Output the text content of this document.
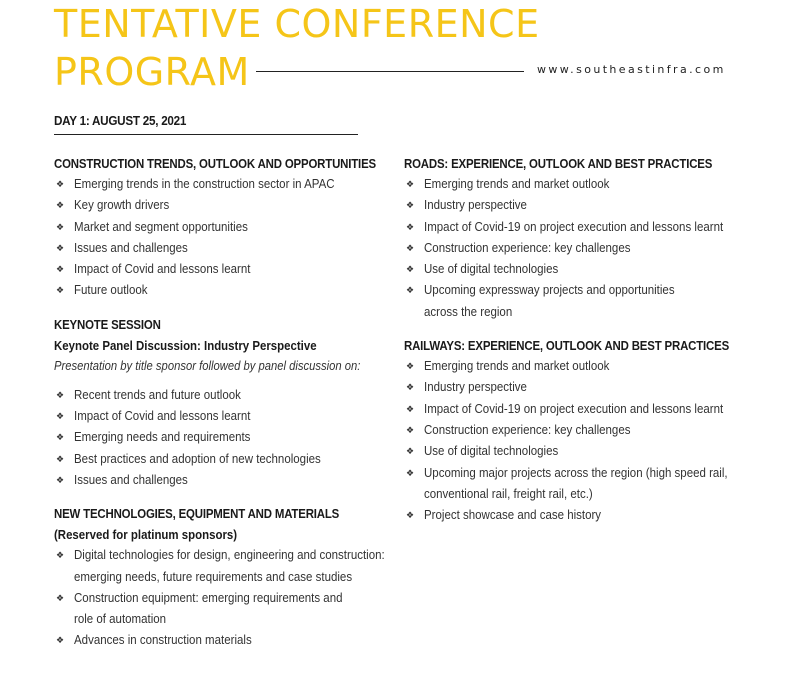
TENTATIVE CONFERENCE
PROGRAM	www.southeastinfra.com
DAY 1: AUGUST 25, 2021
CONSTRUCTION TRENDS, OUTLOOK AND OPPORTUNITIES
❖ Emerging trends in the construction sector in APAC
❖ Key growth drivers
❖ Market and segment opportunities
❖ Issues and challenges
❖ Impact of Covid and lessons learnt
❖ Future outlook
KEYNOTE SESSION
Keynote Panel Discussion: Industry Perspective
Presentation by title sponsor followed by panel discussion on:
❖ Recent trends and future outlook
❖ Impact of Covid and lessons learnt
❖ Emerging needs and requirements
❖ Best practices and adoption of new technologies
❖ Issues and challenges
NEW TECHNOLOGIES, EQUIPMENT AND MATERIALS
(Reserved for platinum sponsors)
❖ Digital technologies for design, engineering and construction:
emerging needs, future requirements and case studies
❖ Construction equipment: emerging requirements and
role of automation
❖ Advances in construction materials
ROADS: EXPERIENCE, OUTLOOK AND BEST PRACTICES
❖ Emerging trends and market outlook
❖ Industry perspective
❖ Impact of Covid-19 on project execution and lessons learnt
❖ Construction experience: key challenges
❖ Use of digital technologies
❖ Upcoming expressway projects and opportunities
across the region
RAILWAYS: EXPERIENCE, OUTLOOK AND BEST PRACTICES
❖ Emerging trends and market outlook
❖ Industry perspective
❖ Impact of Covid-19 on project execution and lessons learnt
❖ Construction experience: key challenges
❖ Use of digital technologies
❖ Upcoming major projects across the region (high speed rail,
conventional rail, freight rail, etc.)
❖ Project showcase and case history
